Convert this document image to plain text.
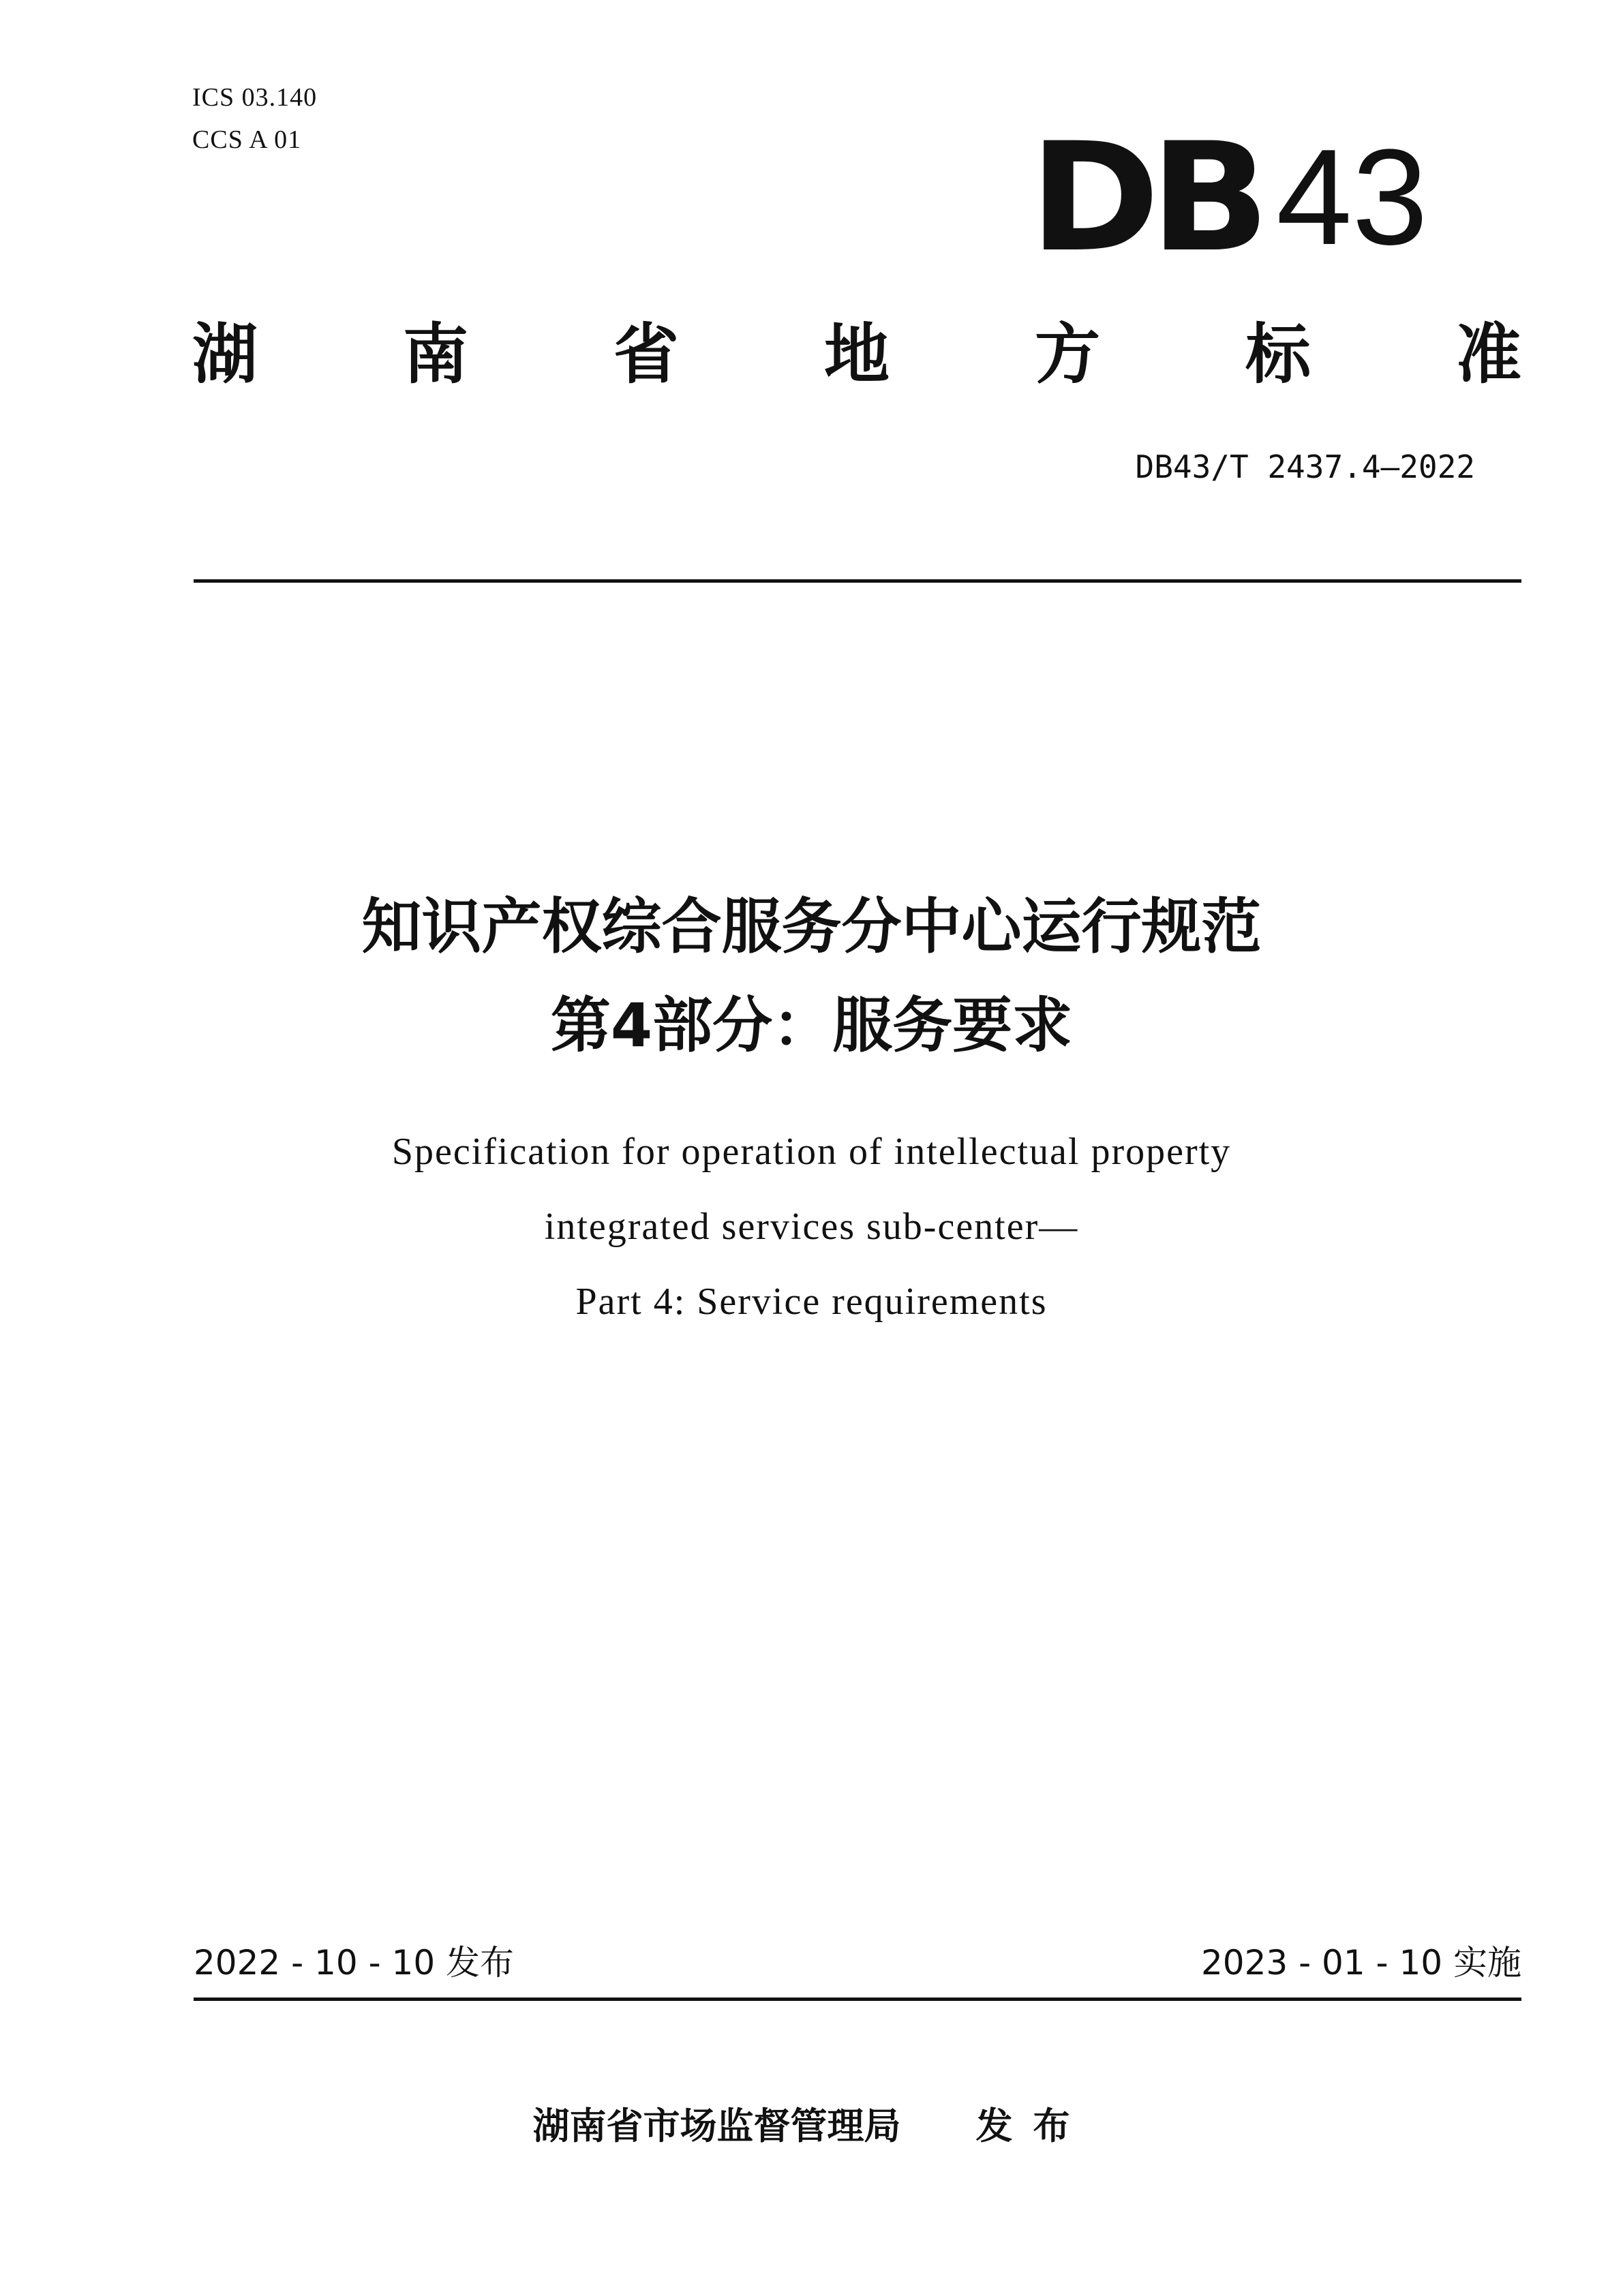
ICS 03.140
CCS A 01	DB 43
湖 南 省 地 方 标 准
DB43/T 2437.4—2022
知识产权综合服务分中心运行规范
第4部分：服务要求
Specification for operation of intellectual property
integrated services sub-center—
Part 4: Service requirements
2022 - 10 - 10 发布	2023 - 01 - 10 实施
湖南省市场监督管理局 发布
